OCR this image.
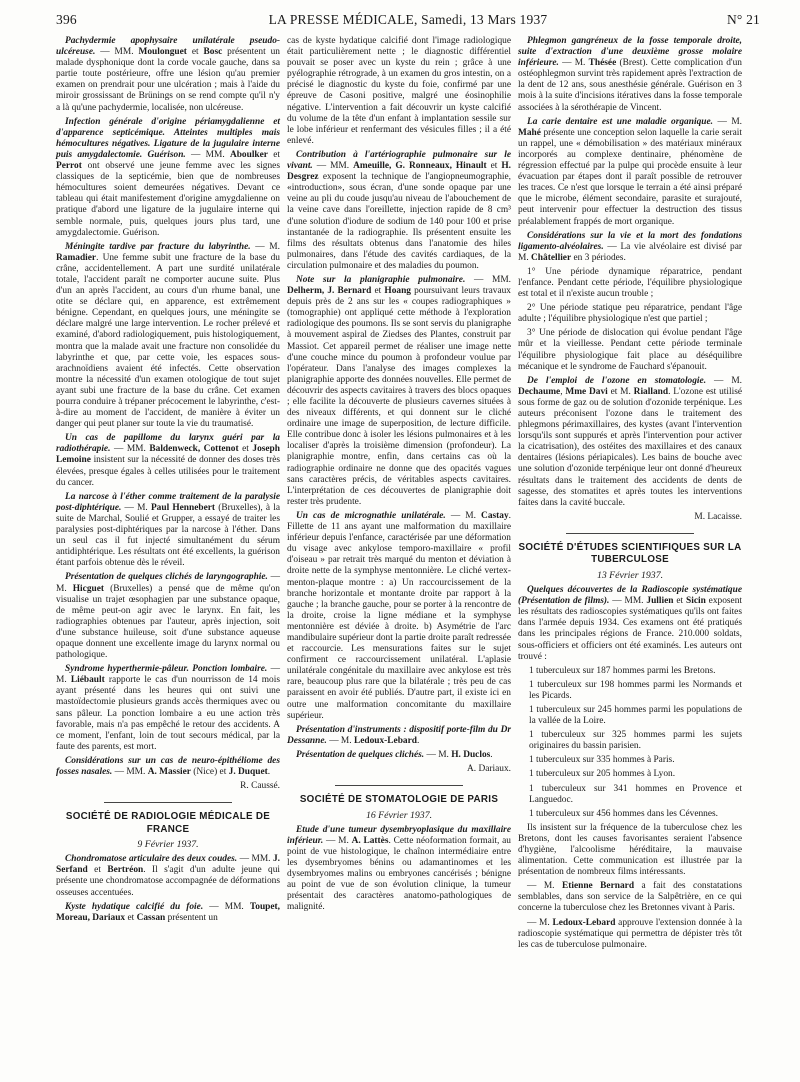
396	LA PRESSE MÉDICALE, Samedi, 13 Mars 1937	N° 21

Pachydermie apophysaire unilatérale pseudo-ulcéreuse. — MM. Moulonguet et Bosc présentent un malade dysphonique dont la corde vocale gauche, dans sa partie toute postérieure, offre une lésion qu'au premier examen on prendrait pour une ulcération ; mais à l'aide du miroir grossissant de Brünings on se rend compte qu'il n'y a là qu'une pachydermie, localisée, non ulcéreuse.

Infection générale d'origine périamygdalienne et d'apparence septicémique. Atteintes multiples mais hémocultures négatives. Ligature de la jugulaire interne puis amygdalectomie. Guérison. — MM. Aboulker et Perrot ont observé une jeune femme avec les signes classiques de la septicémie, bien que de nombreuses hémocultures soient demeurées négatives. Devant ce tableau qui était manifestement d'origine amygdalienne on pratique d'abord une ligature de la jugulaire interne qui semble normale, puis, quelques jours plus tard, une amygdalectomie. Guérison.

Méningite tardive par fracture du labyrinthe. — M. Ramadier. Une femme subit une fracture de la base du crâne, accidentellement. A part une surdité unilatérale totale, l'accident paraît ne comporter aucune suite. Plus d'un an après l'accident, au cours d'un rhume banal, une otite se déclare qui, en apparence, est extrêmement bénigne. Cependant, en quelques jours, une méningite se déclare malgré une large intervention. Le rocher prélevé et examiné, d'abord radiologiquement, puis histologiquement, montra que la malade avait une fracture non consolidée du labyrinthe et que, par cette voie, les espaces sous-arachnoïdiens avaient été infectés. Cette observation montre la nécessité d'un examen otologique de tout sujet ayant subi une fracture de la base du crâne. Cet examen pourra conduire à trépaner précocement le labyrinthe, c'est-à-dire au moment de l'accident, de manière à éviter un danger qui peut planer sur toute la vie du traumatisé.

Un cas de papillome du larynx guéri par la radiothérapie. — MM. Baldenweck, Cottenot et Joseph Lemoine insistent sur la nécessité de donner des doses très élevées, presque égales à celles utilisées pour le traitement du cancer.

La narcose à l'éther comme traitement de la paralysie post-diphtérique. — M. Paul Hennebert (Bruxelles), à la suite de Marchal, Soulié et Grupper, a essayé de traiter les paralysies post-diphtériques par la narcose à l'éther. Dans un seul cas il fut injecté simultanément du sérum antidiphtérique. Les résultats ont été excellents, la guérison étant parfois obtenue dès le réveil.

Présentation de quelques clichés de laryngographie. — M. Hicguet (Bruxelles) a pensé que de même qu'on visualise un trajet œsophagien par une substance opaque, de même peut-on agir avec le larynx. En fait, les radiographies obtenues par l'auteur, après injection, soit d'une substance huileuse, soit d'une substance aqueuse opaque donnent une excellente image du larynx normal ou pathologique.

Syndrome hyperthermie-pâleur. Ponction lombaire. — M. Liébault rapporte le cas d'un nourrisson de 14 mois ayant présenté dans les heures qui ont suivi une mastoïdectomie plusieurs grands accès thermiques avec ou sans pâleur. La ponction lombaire a eu une action très favorable, mais n'a pas empêché le retour des accidents. A ce moment, l'enfant, loin de tout secours médical, par la faute des parents, est mort.

Considérations sur un cas de neuro-épithéliome des fosses nasales. — MM. A. Massier (Nice) et J. Duquet.

R. Caussé.
SOCIÉTÉ DE RADIOLOGIE MÉDICALE DE FRANCE
9 Février 1937.

Chondromatose articulaire des deux coudes. — MM. J. Serfand et Bertréon. Il s'agit d'un adulte jeune qui présente une chondromatose accompagnée de déformations osseuses accentuées.

Kyste hydatique calcifié du foie. — MM. Toupet, Moreau, Dariaux et Cassan présentent un

cas de kyste hydatique calcifié dont l'image radiologique était particulièrement nette ; le diagnostic différentiel pouvait se poser avec un kyste du rein ; grâce à une pyélographie rétrograde, à un examen du gros intestin, on a précisé le diagnostic du kyste du foie, confirmé par une épreuve de Casoni positive, malgré une éosinophilie négative. L'intervention a fait découvrir un kyste calcifié du volume de la tête d'un enfant à implantation sessile sur le lobe inférieur et renfermant des vésicules filles ; il a été enlevé.

Contribution à l'artériographie pulmonaire sur le vivant. — MM. Ameuille, G. Ronneaux, Hinault et H. Desgrez exposent la technique de l'angiopneumographie, «introduction», sous écran, d'une sonde opaque par une veine au pli du coude jusqu'au niveau de l'abouchement de la veine cave dans l'oreillette, injection rapide de 8 cm³ d'une solution d'iodure de sodium de 140 pour 100 et prise instantanée de la radiographie. Ils présentent ensuite les films des résultats obtenus dans l'anatomie des hiles pulmonaires, dans l'étude des cavités cardiaques, de la circulation pulmonaire et des maladies du poumon.

Note sur la planigraphie pulmonaire. — MM. Delherm, J. Bernard et Hoang poursuivant leurs travaux depuis près de 2 ans sur les « coupes radiographiques » (tomographie) ont appliqué cette méthode à l'exploration radiologique des poumons. Ils se sont servis du planigraphe à mouvement aspiral de Ziedses des Plantes, construit par Massiot. Cet appareil permet de réaliser une image nette d'une couche mince du poumon à profondeur voulue par l'opérateur. Dans l'analyse des images complexes la planigraphie apporte des données nouvelles. Elle permet de découvrir des aspects cavitaires à travers des blocs opaques ; elle facilite la découverte de plusieurs cavernes situées à des niveaux différents, et qui donnent sur le cliché ordinaire une image de superposition, de lecture difficile. Elle contribue donc à isoler les lésions pulmonaires et à les localiser d'après la troisième dimension (profondeur). La planigraphie montre, enfin, dans certains cas où la radiographie ordinaire ne donne que des opacités vagues sans caractères précis, de véritables aspects cavitaires. L'interprétation de ces découvertes de planigraphie doit rester très prudente.

Un cas de micrognathie unilatérale. — M. Castay. Fillette de 11 ans ayant une malformation du maxillaire inférieur depuis l'enfance, caractérisée par une déformation du visage avec ankylose temporo-maxillaire « profil d'oiseau » par retrait très marqué du menton et déviation à droite nette de la symphyse mentonnière. Le cliché vertex-menton-plaque montre : a) Un raccourcissement de la branche horizontale et montante droite par rapport à la gauche ; la branche gauche, pour se porter à la rencontre de la droite, croise la ligne médiane et la symphyse mentonnière est déviée à droite. b) Asymétrie de l'arc mandibulaire supérieur dont la partie droite paraît redressée et raccourcie. Les mensurations faites sur le sujet confirment ce raccourcissement unilatéral. L'aplasie unilatérale congénitale du maxillaire avec ankylose est très rare, beaucoup plus rare que la bilatérale ; très peu de cas paraissent en avoir été publiés. D'autre part, il existe ici en outre une malformation concomitante du maxillaire supérieur.

Présentation d'instruments : dispositif porte-film du Dr Dessanne. — M. Ledoux-Lebard.

Présentation de quelques clichés. — M. H. Duclos.

A. Dariaux.
SOCIÉTÉ DE STOMATOLOGIE DE PARIS
16 Février 1937.

Etude d'une tumeur dysembryoplasique du maxillaire inférieur. — M. A. Lattès. Cette néoformation formait, au point de vue histologique, le chaînon intermédiaire entre les dysembryomes bénins ou adamantinomes et les dysembryomes malins ou embryones cancérisés ; bénigne au point de vue de son évolution clinique, la tumeur présentait des caractères anatomo-pathologiques de malignité.

Phlegmon gangréneux de la fosse temporale droite, suite d'extraction d'une deuxième grosse molaire inférieure. — M. Thésée (Brest). Cette complication d'un ostéophlegmon survint très rapidement après l'extraction de la dent de 12 ans, sous anesthésie générale. Guérison en 3 mois à la suite d'incisions itératives dans la fosse temporale associées à la sérothérapie de Vincent.

La carie dentaire est une maladie organique. — M. Mahé présente une conception selon laquelle la carie serait un rappel, une « démobilisation » des matériaux minéraux incorporés au complexe dentinaire, phénomène de régression effectué par la pulpe qui procède ensuite à leur évacuation par étapes dont il paraît possible de retrouver les traces. Ce n'est que lorsque le terrain a été ainsi préparé que le microbe, élément secondaire, parasite et surajouté, peut intervenir pour effectuer la destruction des tissus préalablement frappés de mort organique.

Considérations sur la vie et la mort des fondations ligamento-alvéolaires. — La vie alvéolaire est divisé par M. Châtellier en 3 périodes.

1° Une période dynamique réparatrice, pendant l'enfance. Pendant cette période, l'équilibre physiologique est total et il n'existe aucun trouble ;

2° Une période statique peu réparatrice, pendant l'âge adulte ; l'équilibre physiologique n'est que partiel ;

3° Une période de dislocation qui évolue pendant l'âge mûr et la vieillesse. Pendant cette période terminale l'équilibre physiologique fait place au déséquilibre mécanique et le syndrome de Fauchard s'épanouit.

De l'emploi de l'ozone en stomatologie. — M. Dechaume, Mme Davi et M. Rialland. L'ozone est utilisé sous forme de gaz ou de solution d'ozonide terpénique. Les auteurs préconisent l'ozone dans le traitement des phlegmons périmaxillaires, des kystes (avant l'intervention lorsqu'ils sont suppurés et après l'intervention pour activer la cicatrisation), des ostéites des maxillaires et des canaux dentaires (lésions périapicales). Les bains de bouche avec une solution d'ozonide terpénique leur ont donné d'heureux résultats dans le traitement des accidents de dents de sagesse, des stomatites et après toutes les interventions faites dans la cavité buccale.

M. Lacaisse.
SOCIÉTÉ D'ÉTUDES SCIENTIFIQUES SUR LA TUBERCULOSE
13 Février 1937.

Quelques découvertes de la Radioscopie systématique (Présentation de films). — MM. Jullien et Sicin exposent les résultats des radioscopies systématiques qu'ils ont faites dans l'armée depuis 1934. Ces examens ont été pratiqués dans les principales régions de France. 210.000 soldats, sous-officiers et officiers ont été examinés. Les auteurs ont trouvé :

1 tuberculeux sur 187 hommes parmi les Bretons.

1 tuberculeux sur 198 hommes parmi les Normands et les Picards.

1 tuberculeux sur 245 hommes parmi les populations de la vallée de la Loire.

1 tuberculeux sur 325 hommes parmi les sujets originaires du bassin parisien.

1 tuberculeux sur 335 hommes à Paris.

1 tuberculeux sur 205 hommes à Lyon.

1 tuberculeux sur 341 hommes en Provence et Languedoc.

1 tuberculeux sur 456 hommes dans les Cévennes.

Ils insistent sur la fréquence de la tuberculose chez les Bretons, dont les causes favorisantes seraient l'absence d'hygiène, l'alcoolisme héréditaire, la mauvaise alimentation. Cette communication est illustrée par la présentation de nombreux films intéressants.

— M. Etienne Bernard a fait des constatations semblables, dans son service de la Salpêtrière, en ce qui concerne la tuberculose chez les Bretonnes vivant à Paris.

— M. Ledoux-Lebard approuve l'extension donnée à la radioscopie systématique qui permettra de dépister très tôt les cas de tuberculose pulmonaire.
